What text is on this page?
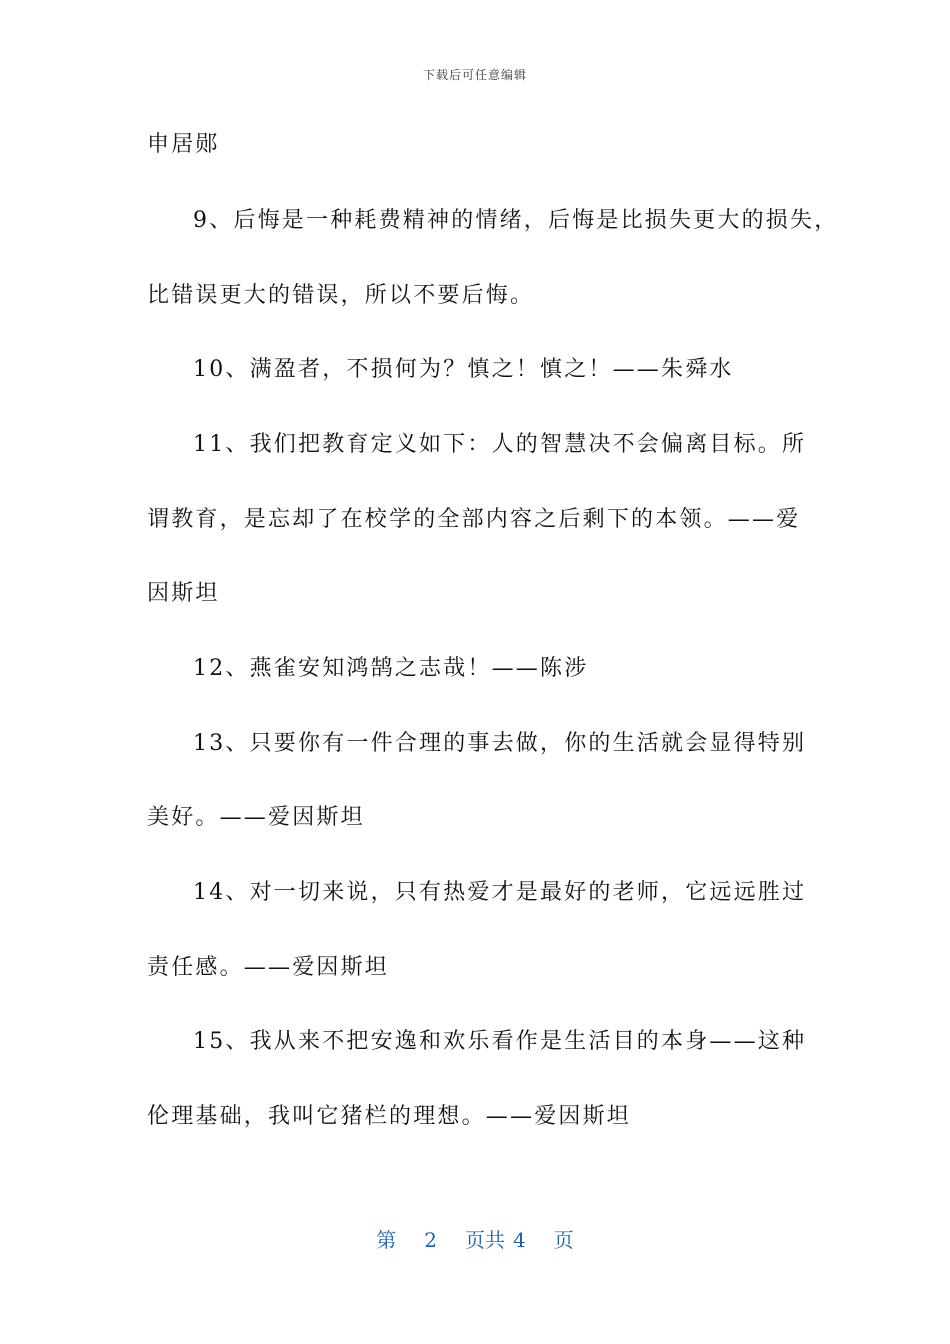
下载后可任意编辑
申居郧
9、后悔是一种耗费精神的情绪，后悔是比损失更大的损失，
比错误更大的错误，所以不要后悔。
10、满盈者，不损何为？慎之！慎之！——朱舜水
11、我们把教育定义如下：人的智慧决不会偏离目标。所
谓教育，是忘却了在校学的全部内容之后剩下的本领。——爱
因斯坦
12、燕雀安知鸿鹄之志哉！——陈涉
13、只要你有一件合理的事去做，你的生活就会显得特别
美好。——爱因斯坦
14、对一切来说，只有热爱才是最好的老师，它远远胜过
责任感。——爱因斯坦
15、我从来不把安逸和欢乐看作是生活目的本身——这种
伦理基础，我叫它猪栏的理想。——爱因斯坦
第 2 页共 4 页
